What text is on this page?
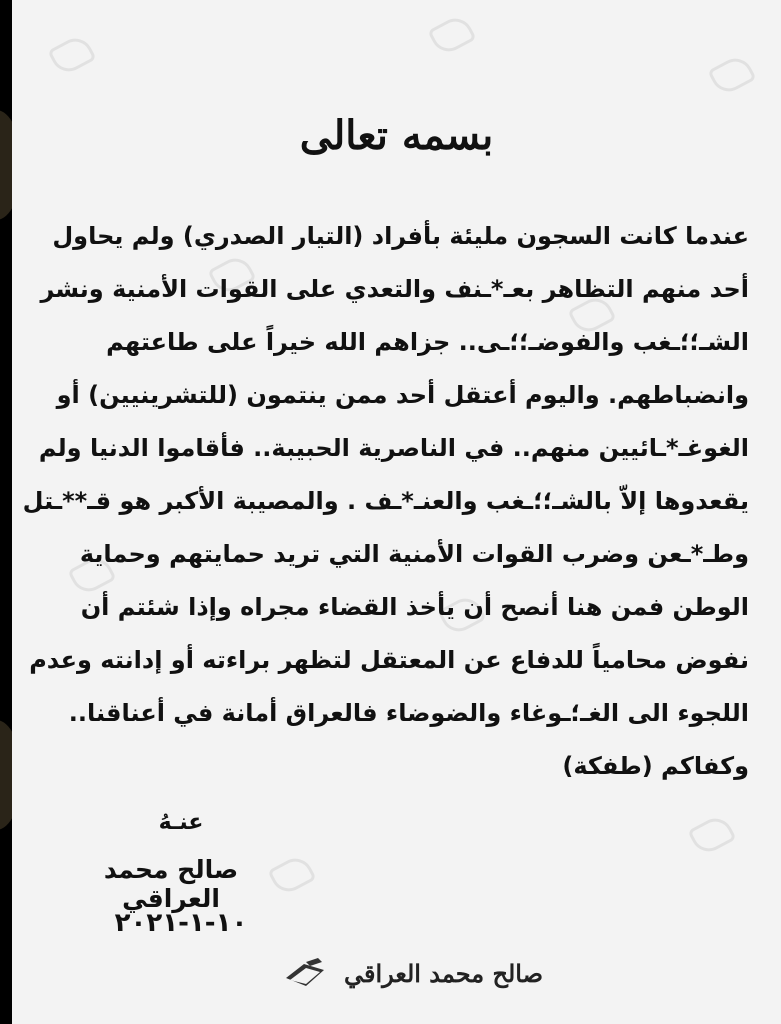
بسمه تعالى
عندما كانت السجون مليئة بأفراد (التيار الصدري) ولم يحاول
أحد منهم التظاهر بعـ*ـنف والتعدي على القوات الأمنية ونشر
الشـ؛؛ـغب والفوضـ؛؛ـى.. جزاهم الله خيراً على طاعتهم
وانضباطهم. واليوم أعتقل أحد ممن ينتمون (للتشرينيين) أو
الغوغـ*ـائيين منهم.. في الناصرية الحبيبة.. فأقاموا الدنيا ولم
يقعدوها إلاّ بالشـ؛؛ـغب والعنـ*ـف . والمصيبة الأكبر هو قـ**ـتل
وطـ*ـعن وضرب القوات الأمنية التي تريد حمايتهم وحماية
الوطن فمن هنا أنصح أن يأخذ القضاء مجراه وإذا شئتم أن
نفوض محامياً للدفاع عن المعتقل لتظهر براءته أو إدانته وعدم
اللجوء الى الغـ؛ـوغاء والضوضاء فالعراق أمانة في أعناقنا..
وكفاكم (طفكة)
عنـهُ
صالح محمد العراقي
١٠-١-٢٠٢١
صالح محمد العراقي
